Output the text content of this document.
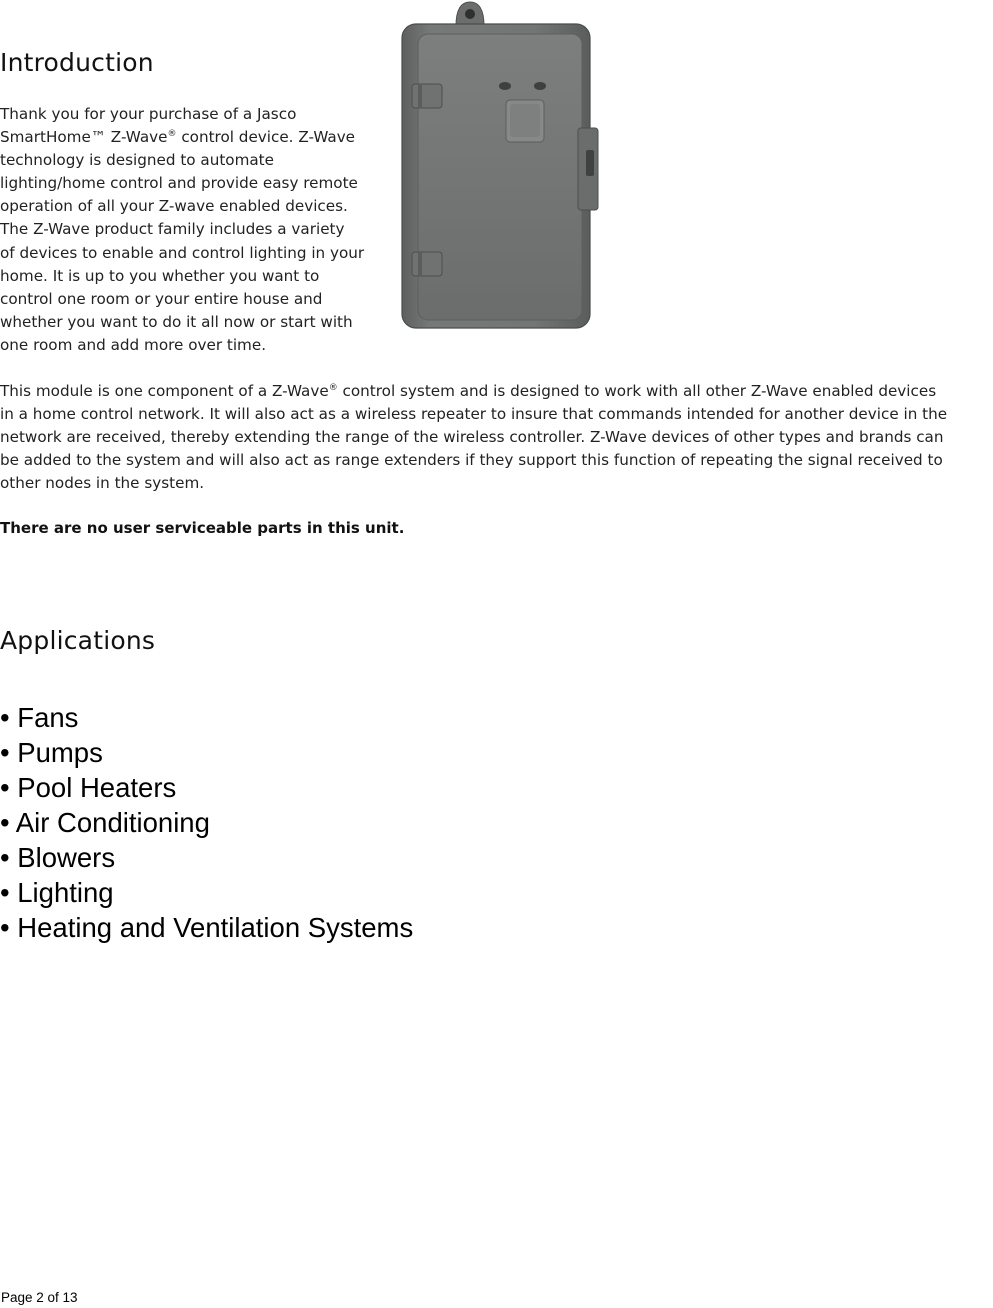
Introduction
Thank you for your purchase of a Jasco
SmartHome™ Z-Wave® control device. Z-Wave
technology is designed to automate
lighting/home control and provide easy remote
operation of all your Z-wave enabled devices.
The Z-Wave product family includes a variety
of devices to enable and control lighting in your
home. It is up to you whether you want to
control one room or your entire house and
whether you want to do it all now or start with
one room and add more over time.
This module is one component of a Z-Wave® control system and is designed to work with all other Z-Wave enabled devices
in a home control network. It will also act as a wireless repeater to insure that commands intended for another device in the
network are received, thereby extending the range of the wireless controller. Z-Wave devices of other types and brands can
be added to the system and will also act as range extenders if they support this function of repeating the signal received to
other nodes in the system.

There are no user serviceable parts in this unit.

Applications
• Fans
• Pumps
• Pool Heaters
• Air Conditioning
• Blowers
• Lighting
• Heating and Ventilation Systems

Page 2 of 13
